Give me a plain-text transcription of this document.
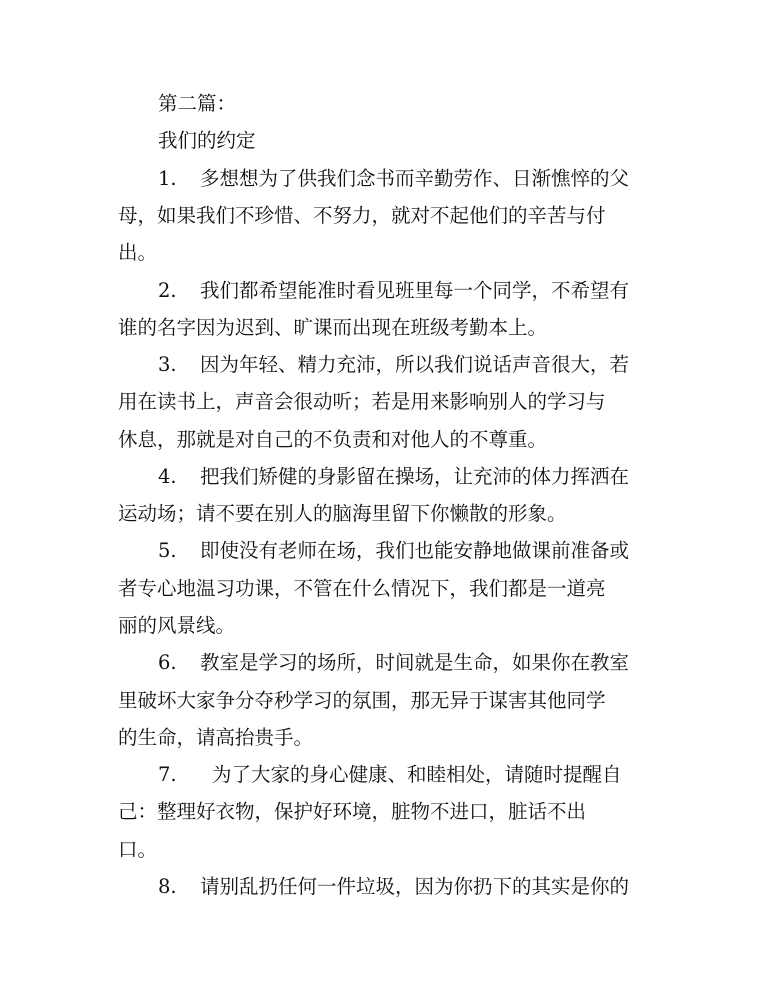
第二篇：
我们的约定
1. 多想想为了供我们念书而辛勤劳作、日渐憔悴的父
母，如果我们不珍惜、不努力，就对不起他们的辛苦与付
出。
2. 我们都希望能准时看见班里每一个同学，不希望有
谁的名字因为迟到、旷课而出现在班级考勤本上。
3. 因为年轻、精力充沛，所以我们说话声音很大，若
用在读书上，声音会很动听；若是用来影响别人的学习与
休息，那就是对自己的不负责和对他人的不尊重。
4. 把我们矫健的身影留在操场，让充沛的体力挥洒在
运动场；请不要在别人的脑海里留下你懒散的形象。
5. 即使没有老师在场，我们也能安静地做课前准备或
者专心地温习功课，不管在什么情况下，我们都是一道亮
丽的风景线。
6. 教室是学习的场所，时间就是生命，如果你在教室
里破坏大家争分夺秒学习的氛围，那无异于谋害其他同学
的生命，请高抬贵手。
7. 为了大家的身心健康、和睦相处，请随时提醒自
己：整理好衣物，保护好环境，脏物不进口，脏话不出
口。
8. 请别乱扔任何一件垃圾，因为你扔下的其实是你的
